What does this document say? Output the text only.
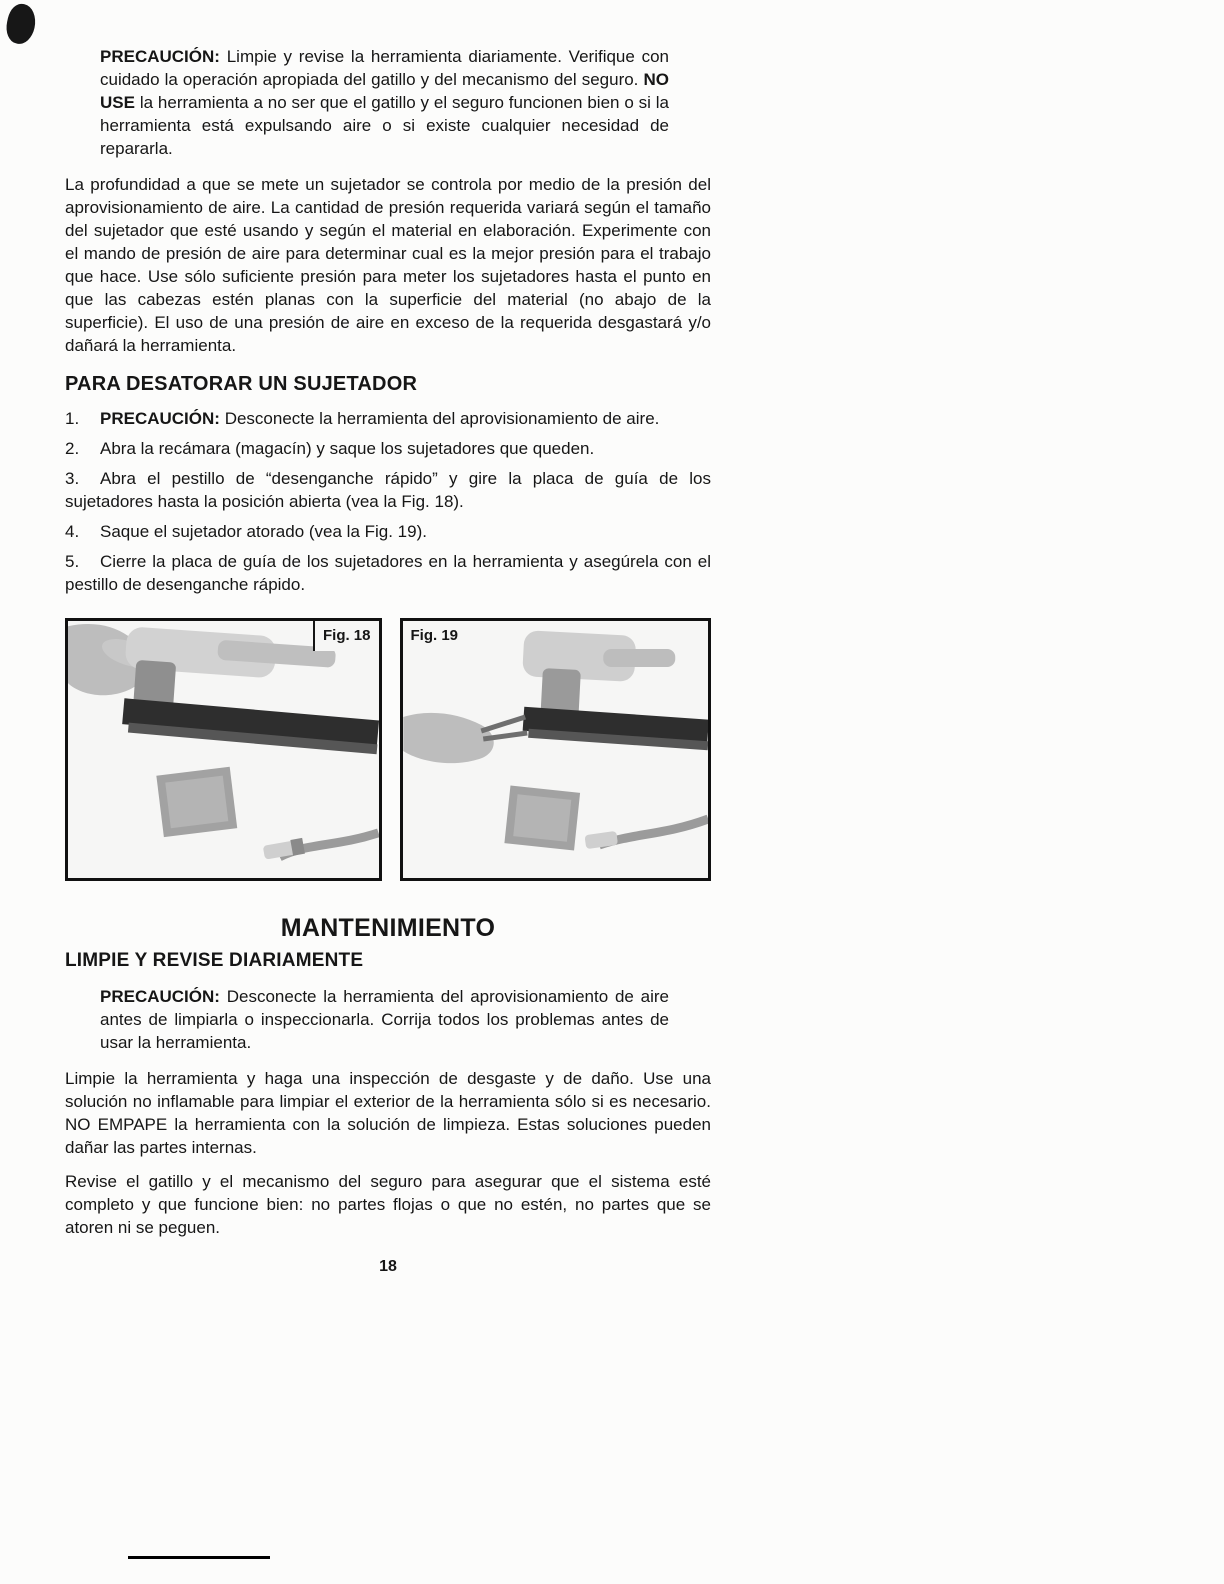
PRECAUCIÓN: Limpie y revise la herramienta diariamente. Verifique con cuidado la operación apropiada del gatillo y del mecanismo del seguro. NO USE la herramienta a no ser que el gatillo y el seguro funcionen bien o si la herramienta está expulsando aire o si existe cualquier necesidad de repararla.

La profundidad a que se mete un sujetador se controla por medio de la presión del aprovisionamiento de aire. La cantidad de presión requerida variará según el tamaño del sujetador que esté usando y según el material en elaboración. Experimente con el mando de presión de aire para determinar cual es la mejor presión para el trabajo que hace. Use sólo suficiente presión para meter los sujetadores hasta el punto en que las cabezas estén planas con la superficie del material (no abajo de la superficie). El uso de una presión de aire en exceso de la requerida desgastará y/o dañará la herramienta.

PARA DESATORAR UN SUJETADOR

1. PRECAUCIÓN: Desconecte la herramienta del aprovisionamiento de aire.

2. Abra la recámara (magacín) y saque los sujetadores que queden.

3. Abra el pestillo de “desenganche rápido” y gire la placa de guía de los sujetadores hasta la posición abierta (vea la Fig. 18).

4. Saque el sujetador atorado (vea la Fig. 19).

5. Cierre la placa de guía de los sujetadores en la herramienta y asegúrela con el pestillo de desenganche rápido.

Fig. 18	Fig. 19
MANTENIMIENTO
LIMPIE Y REVISE DIARIAMENTE

PRECAUCIÓN: Desconecte la herramienta del aprovisionamiento de aire antes de limpiarla o inspeccionarla. Corrija todos los problemas antes de usar la herramienta.

Limpie la herramienta y haga una inspección de desgaste y de daño. Use una solución no inflamable para limpiar el exterior de la herramienta sólo si es necesario. NO EMPAPE la herramienta con la solución de limpieza. Estas soluciones pueden dañar las partes internas.

Revise el gatillo y el mecanismo del seguro para asegurar que el sistema esté completo y que funcione bien: no partes flojas o que no estén, no partes que se atoren ni se peguen.

18
